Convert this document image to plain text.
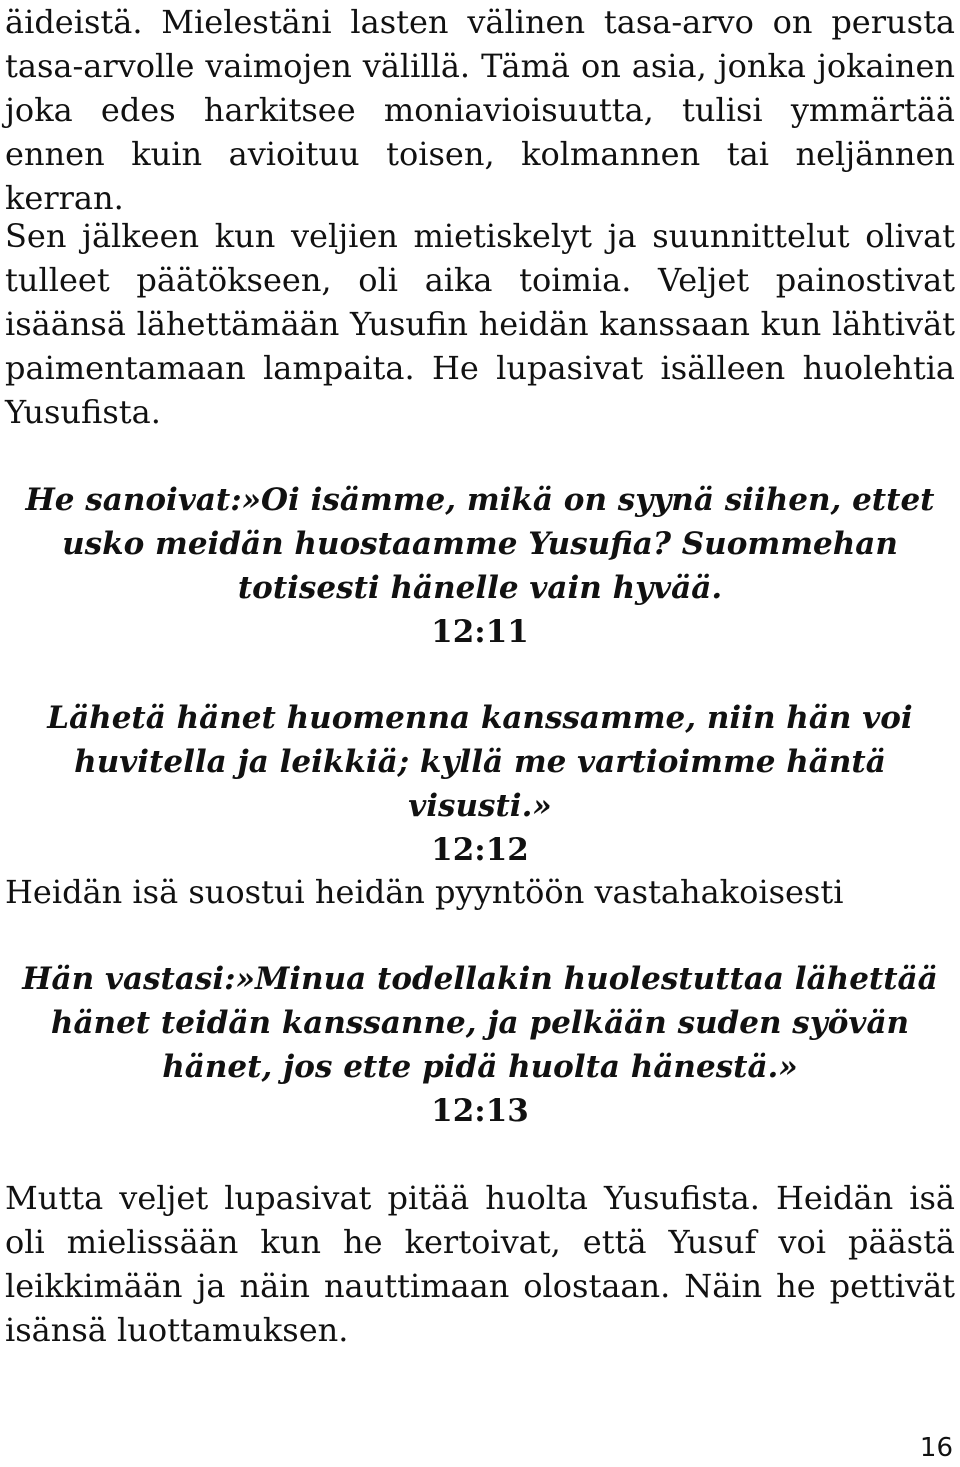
äideistä. Mielestäni lasten välinen tasa-arvo on perusta tasa-arvolle vaimojen välillä. Tämä on asia, jonka jokainen joka edes harkitsee moniavioisuutta, tulisi ymmärtää ennen kuin avioituu toisen, kolmannen tai neljännen kerran.

Sen jälkeen kun veljien mietiskelyt ja suunnittelut olivat tulleet päätökseen, oli aika toimia. Veljet painostivat isäänsä lähettämään Yusufin heidän kanssaan kun lähtivät paimentamaan lampaita. He lupasivat isälleen huolehtia Yusufista.

He sanoivat:»Oi isämme, mikä on syynä siihen, ettet usko meidän huostaamme Yusufia? Suommehan totisesti hänelle vain hyvää.
12:11
Lähetä hänet huomenna kanssamme, niin hän voi huvitella ja leikkiä; kyllä me vartioimme häntä visusti.»
12:12

Heidän isä suostui heidän pyyntöön vastahakoisesti

Hän vastasi:»Minua todellakin huolestuttaa lähettää hänet teidän kanssanne, ja pelkään suden syövän hänet, jos ette pidä huolta hänestä.»
12:13

Mutta veljet lupasivat pitää huolta Yusufista. Heidän isä oli mielissään kun he kertoivat, että Yusuf voi päästä leikkimään ja näin nauttimaan olostaan. Näin he pettivät isänsä luottamuksen.

16
